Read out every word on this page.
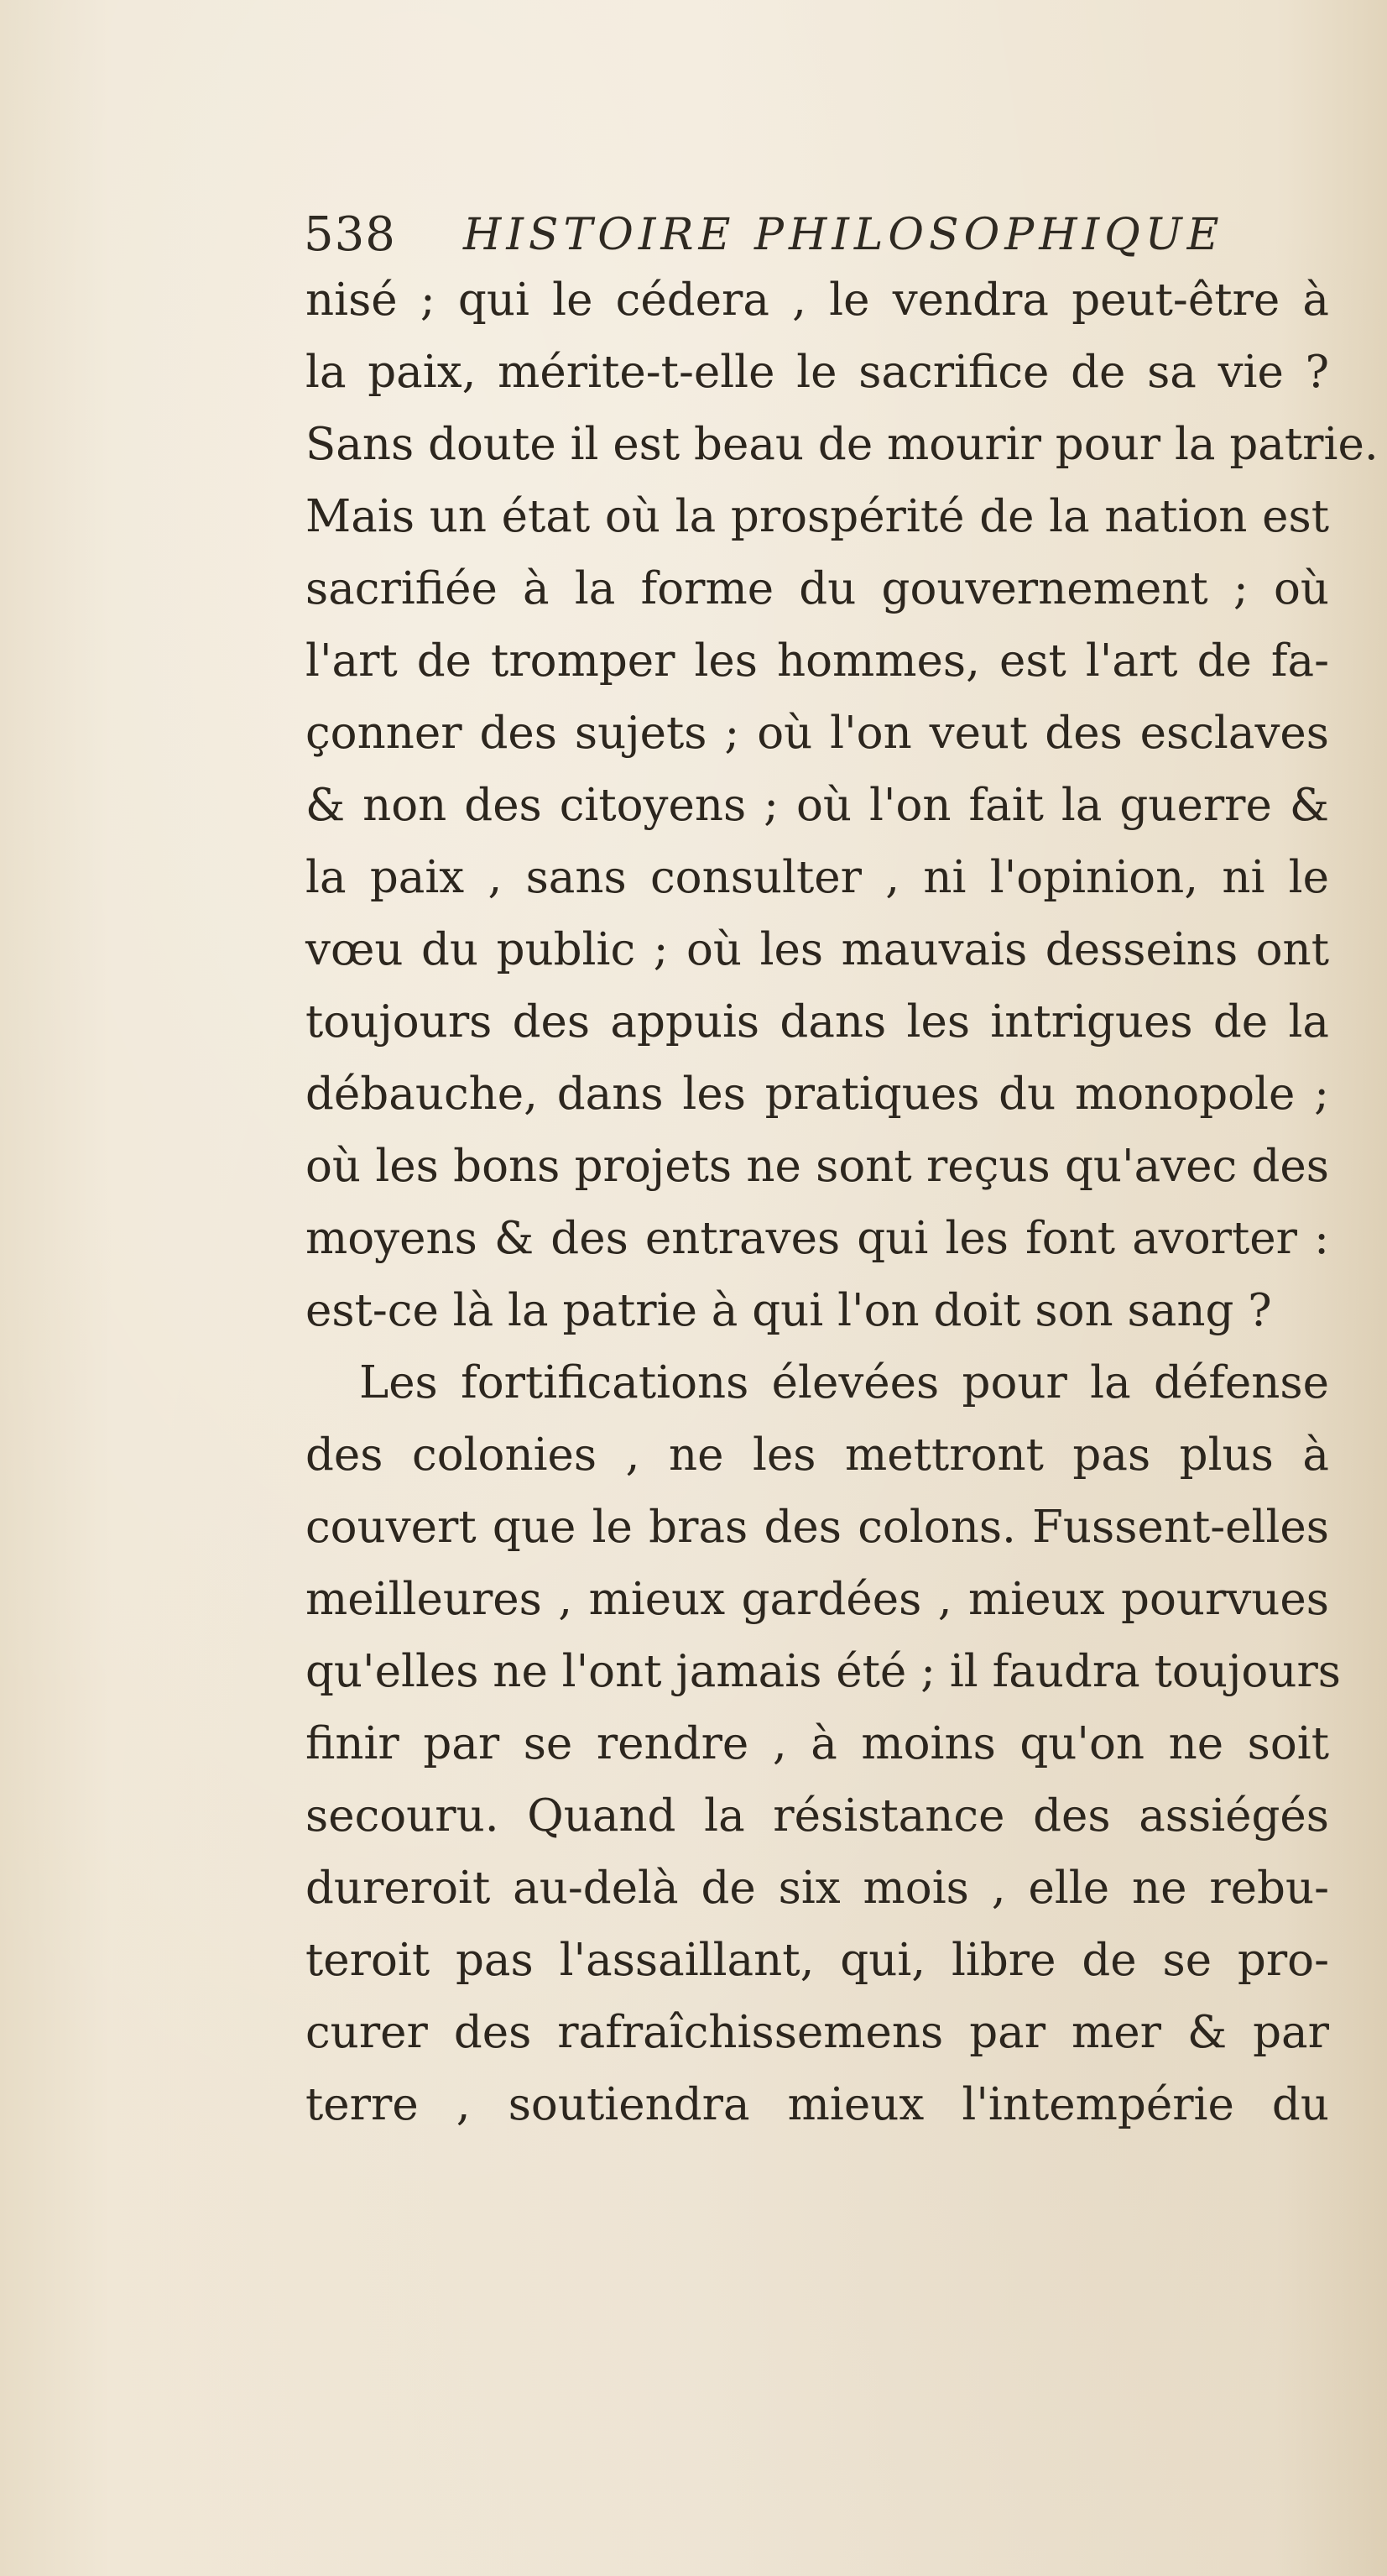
538 HISTOIRE PHILOSOPHIQUE
nisé ; qui le cédera , le vendra peut-être à
la paix, mérite-t-elle le sacrifice de sa vie ?
Sans doute il est beau de mourir pour la patrie.
Mais un état où la prospérité de la nation est
sacrifiée à la forme du gouvernement ; où
l'art de tromper les hommes, est l'art de fa-
çonner des sujets ; où l'on veut des esclaves
& non des citoyens ; où l'on fait la guerre &
la paix , sans consulter , ni l'opinion, ni le
vœu du public ; où les mauvais desseins ont
toujours des appuis dans les intrigues de la
débauche, dans les pratiques du monopole ;
où les bons projets ne sont reçus qu'avec des
moyens & des entraves qui les font avorter :
est-ce là la patrie à qui l'on doit son sang ?
Les fortifications élevées pour la défense
des colonies , ne les mettront pas plus à
couvert que le bras des colons. Fussent-elles
meilleures , mieux gardées , mieux pourvues
qu'elles ne l'ont jamais été ; il faudra toujours
finir par se rendre , à moins qu'on ne soit
secouru. Quand la résistance des assiégés
dureroit au-delà de six mois , elle ne rebu-
teroit pas l'assaillant, qui, libre de se pro-
curer des rafraîchissemens par mer & par
terre , soutiendra mieux l'intempérie du
